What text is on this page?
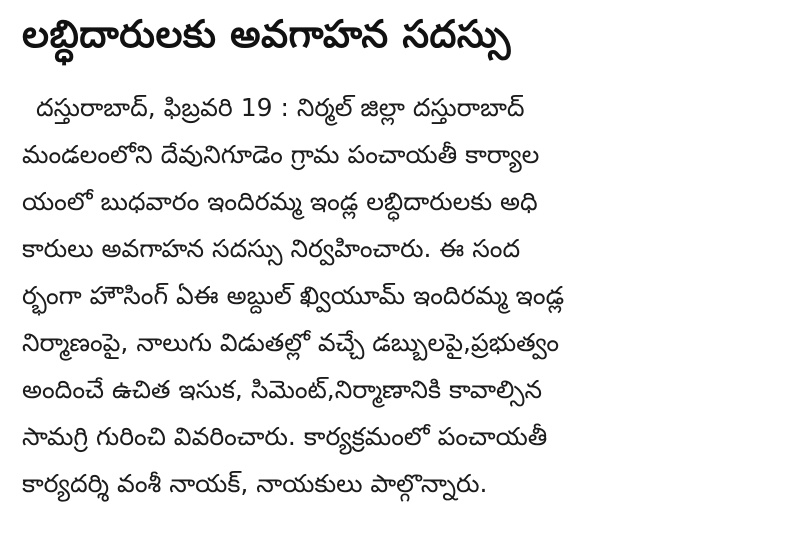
లబ్ధిదారులకు అవగాహన సదస్సు
దస్తురాబాద్, ఫిబ్రవరి 19 : నిర్మల్ జిల్లా దస్తురాబాద్
మండలంలోని దేవునిగూడెం గ్రామ పంచాయతీ కార్యాల
యంలో బుధవారం ఇందిరమ్మ ఇండ్ల లబ్ధిదారులకు అధి
కారులు అవగాహన సదస్సు నిర్వహించారు. ఈ సంద
ర్భంగా హౌసింగ్ ఏఈ అబ్దుల్ ఖ్వియూమ్ ఇందిరమ్మ ఇండ్ల
నిర్మాణంపై, నాలుగు విడుతల్లో వచ్చే డబ్బులపై,ప్రభుత్వం
అందించే ఉచిత ఇసుక, సిమెంట్,నిర్మాణానికి కావాల్సిన
సామగ్రి గురించి వివరించారు. కార్యక్రమంలో పంచాయతీ
కార్యదర్శి వంశీ నాయక్, నాయకులు పాల్గొన్నారు.
